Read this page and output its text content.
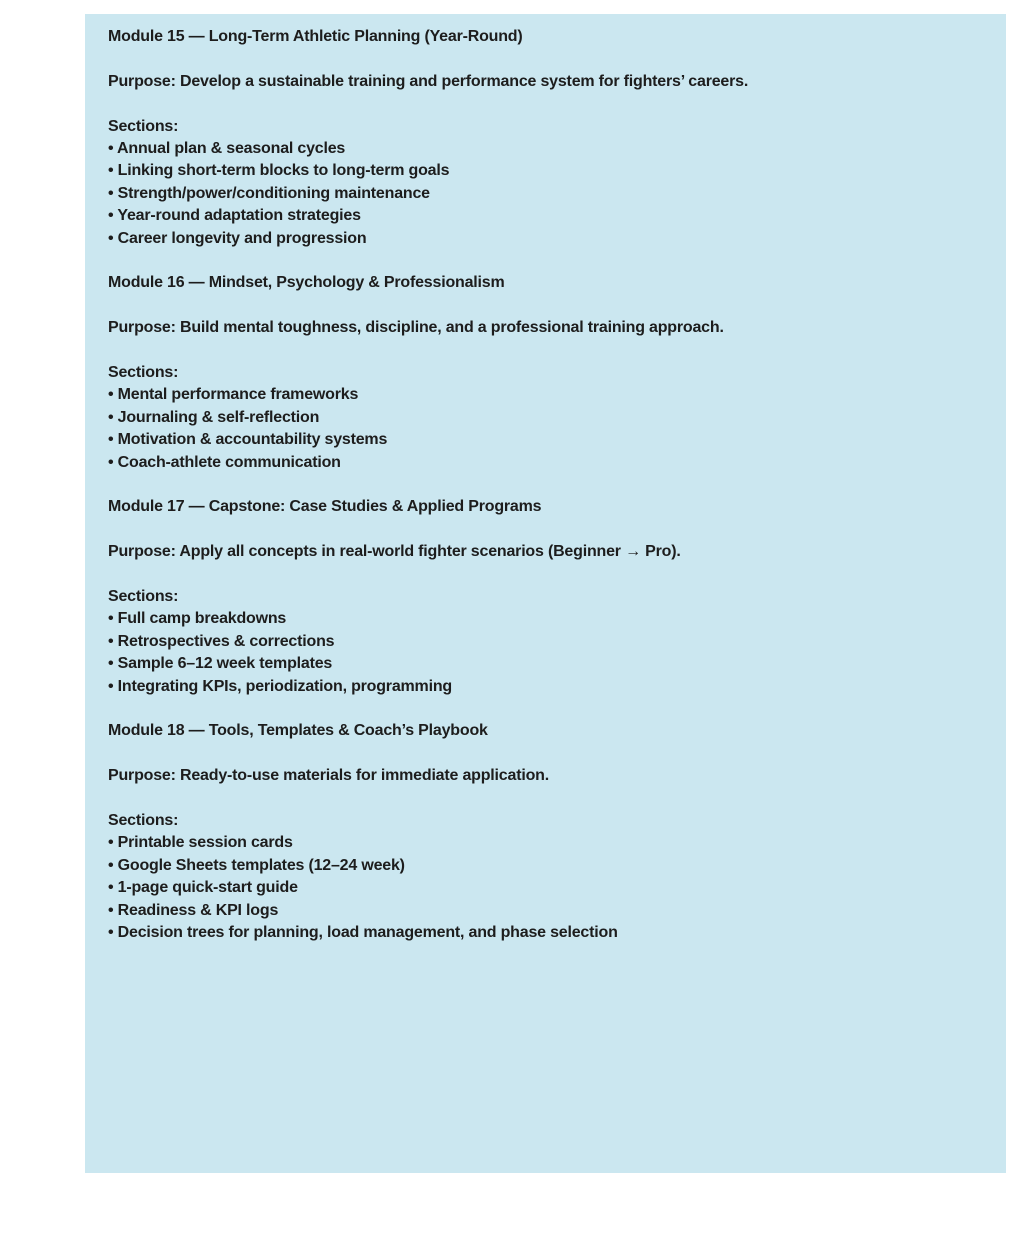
Module 15 — Long-Term Athletic Planning (Year-Round)
Purpose: Develop a sustainable training and performance system for fighters’ careers.
Sections:
• Annual plan & seasonal cycles
• Linking short-term blocks to long-term goals
• Strength/power/conditioning maintenance
• Year-round adaptation strategies
• Career longevity and progression
Module 16 — Mindset, Psychology & Professionalism
Purpose: Build mental toughness, discipline, and a professional training approach.
Sections:
• Mental performance frameworks
• Journaling & self-reflection
• Motivation & accountability systems
• Coach-athlete communication
Module 17 — Capstone: Case Studies & Applied Programs
Purpose: Apply all concepts in real-world fighter scenarios (Beginner → Pro).
Sections:
• Full camp breakdowns
• Retrospectives & corrections
• Sample 6–12 week templates
• Integrating KPIs, periodization, programming
Module 18 — Tools, Templates & Coach’s Playbook
Purpose: Ready-to-use materials for immediate application.
Sections:
• Printable session cards
• Google Sheets templates (12–24 week)
• 1-page quick-start guide
• Readiness & KPI logs
• Decision trees for planning, load management, and phase selection
